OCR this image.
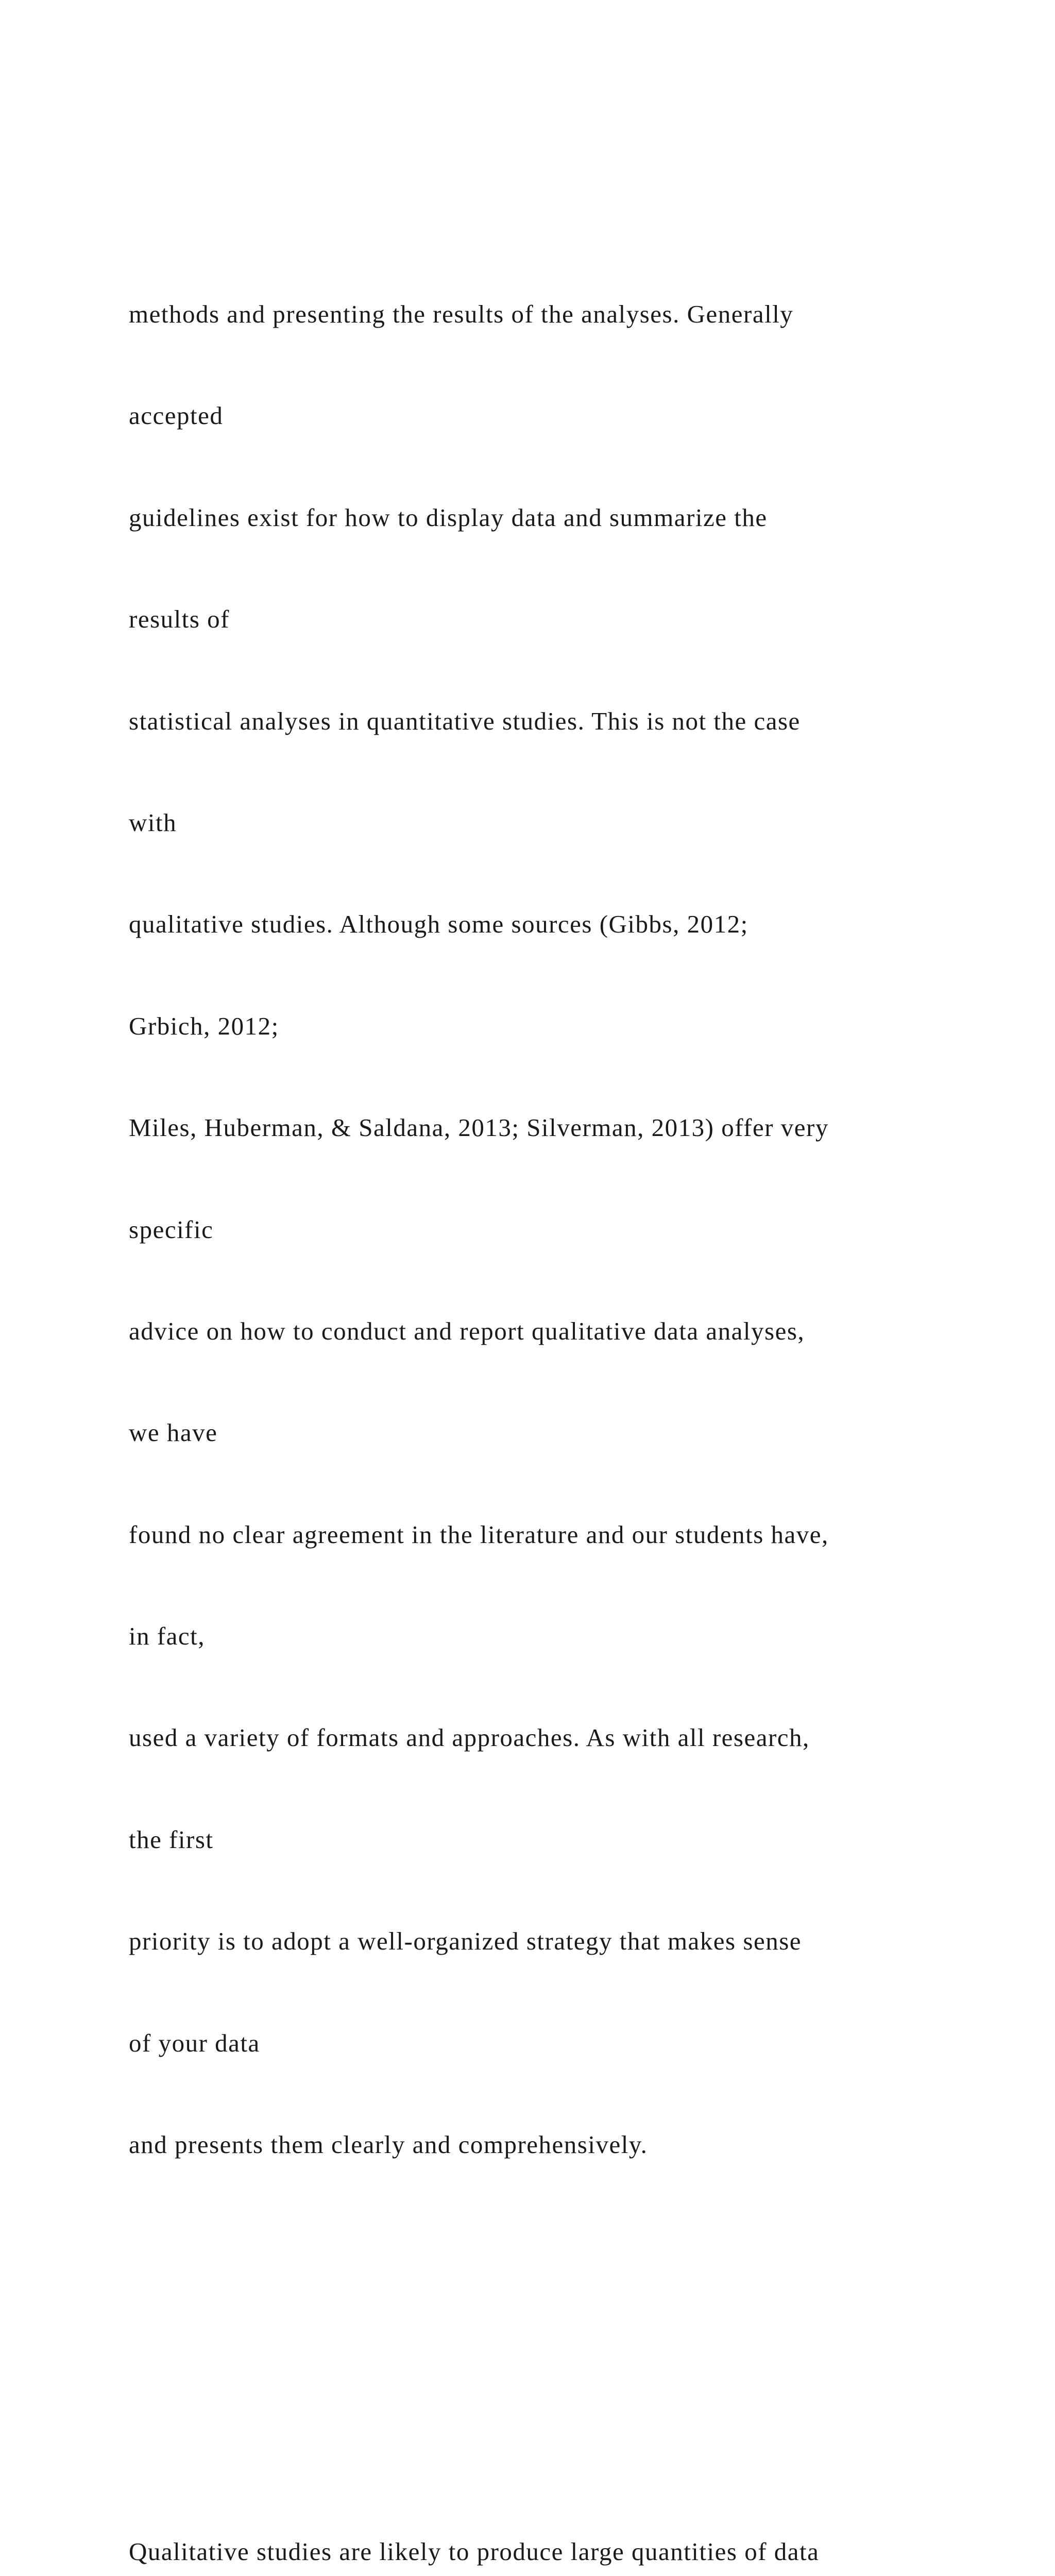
methods and presenting the results of the analyses. Generally

accepted

guidelines exist for how to display data and summarize the

results of

statistical analyses in quantitative studies. This is not the case

with

qualitative studies. Although some sources (Gibbs, 2012;

Grbich, 2012;

Miles, Huberman, & Saldana, 2013; Silverman, 2013) offer very

specific

advice on how to conduct and report qualitative data analyses,

we have

found no clear agreement in the literature and our students have,

in fact,

used a variety of formats and approaches. As with all research,

the first

priority is to adopt a well-organized strategy that makes sense

of your data

and presents them clearly and comprehensively.

Qualitative studies are likely to produce large quantities of data
